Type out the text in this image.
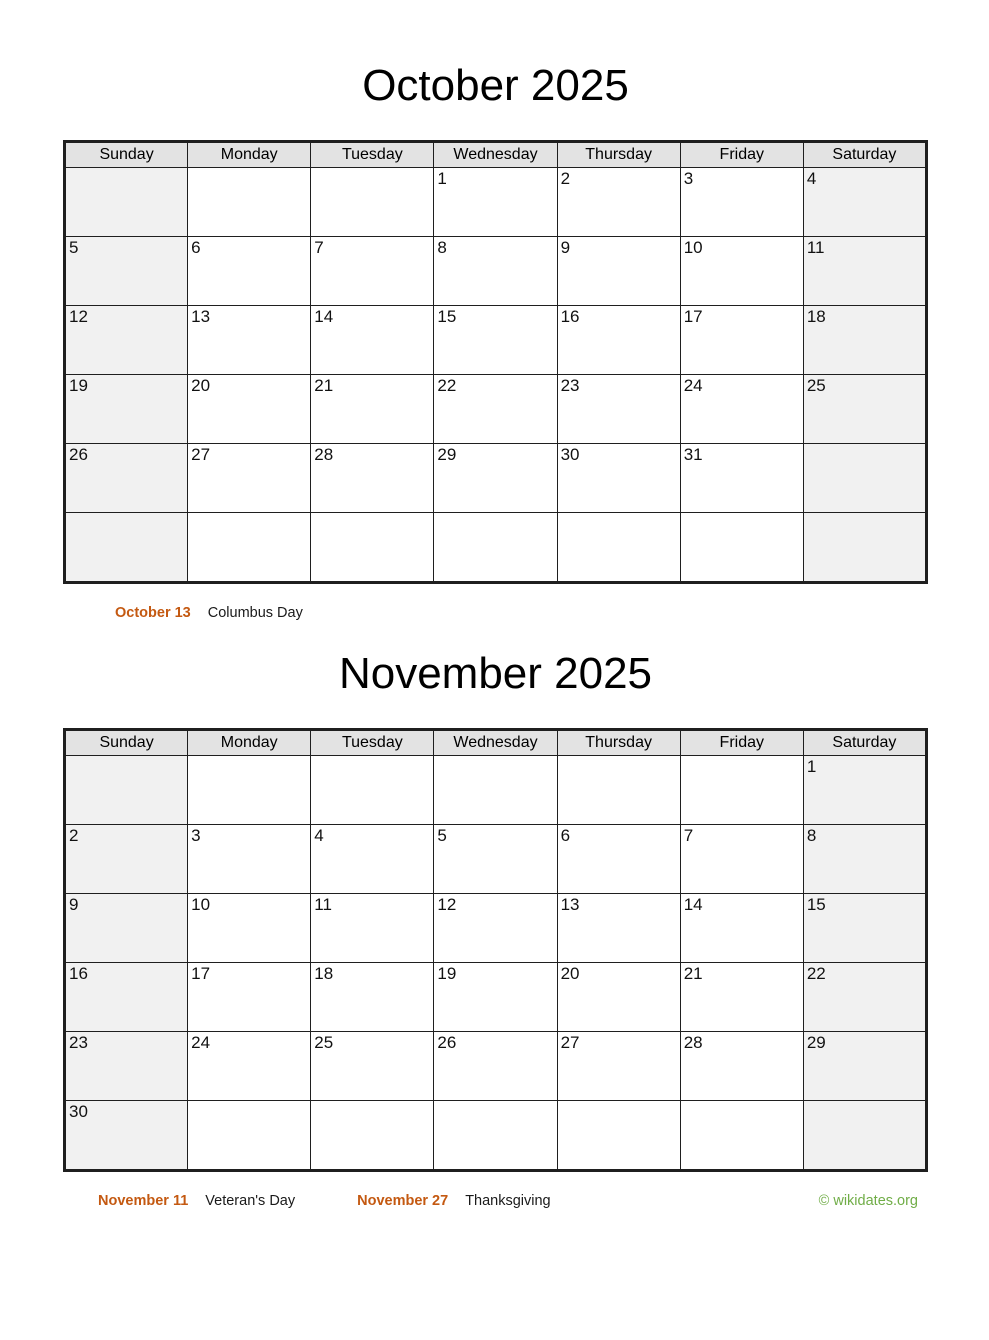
October 2025
Sunday	Monday	Tuesday	Wednesday	Thursday	Friday	Saturday
			1	2	3	4
5	6	7	8	9	10	11
12	13	14	15	16	17	18
19	20	21	22	23	24	25
26	27	28	29	30	31	

October 13 Columbus Day
November 2025
Sunday	Monday	Tuesday	Wednesday	Thursday	Friday	Saturday
						1
2	3	4	5	6	7	8
9	10	11	12	13	14	15
16	17	18	19	20	21	22
23	24	25	26	27	28	29
30						
November 11 Veteran's Day	November 27 Thanksgiving	© wikidates.org
